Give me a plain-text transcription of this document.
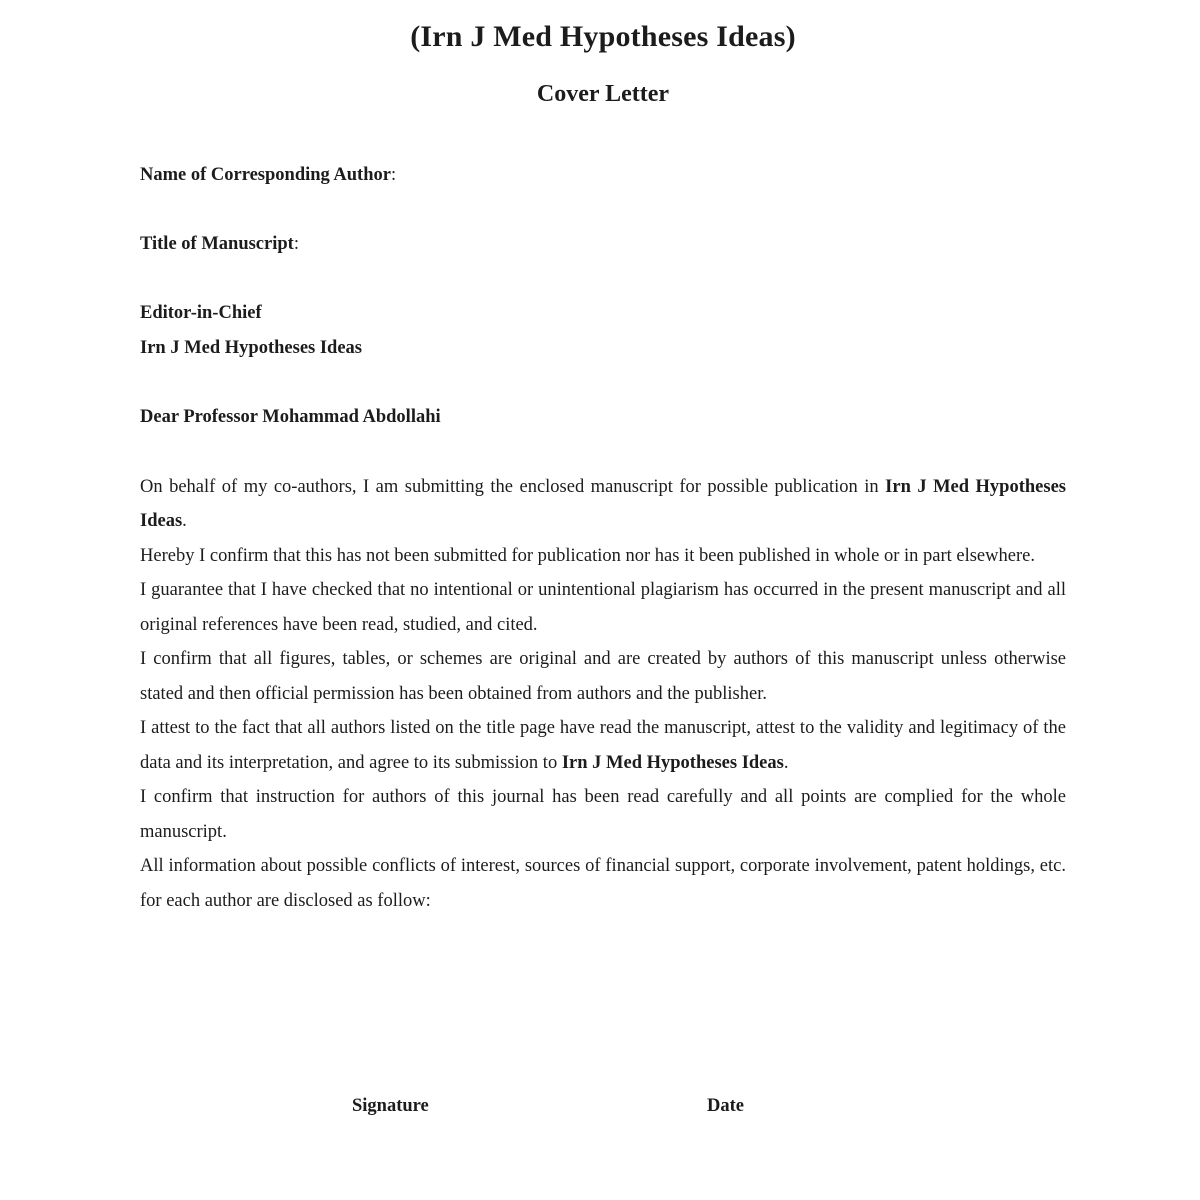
(Irn J Med Hypotheses Ideas)
Cover Letter
Name of Corresponding Author:
Title of Manuscript:
Editor-in-Chief
Irn J Med Hypotheses Ideas
Dear Professor Mohammad Abdollahi

On behalf of my co-authors, I am submitting the enclosed manuscript for possible publication in Irn J Med Hypotheses Ideas.

Hereby I confirm that this has not been submitted for publication nor has it been published in whole or in part elsewhere.

I guarantee that I have checked that no intentional or unintentional plagiarism has occurred in the present manuscript and all original references have been read, studied, and cited.

I confirm that all figures, tables, or schemes are original and are created by authors of this manuscript unless otherwise stated and then official permission has been obtained from authors and the publisher.

I attest to the fact that all authors listed on the title page have read the manuscript, attest to the validity and legitimacy of the data and its interpretation, and agree to its submission to Irn J Med Hypotheses Ideas.

I confirm that instruction for authors of this journal has been read carefully and all points are complied for the whole manuscript.

All information about possible conflicts of interest, sources of financial support, corporate involvement, patent holdings, etc. for each author are disclosed as follow:

Signature	Date
